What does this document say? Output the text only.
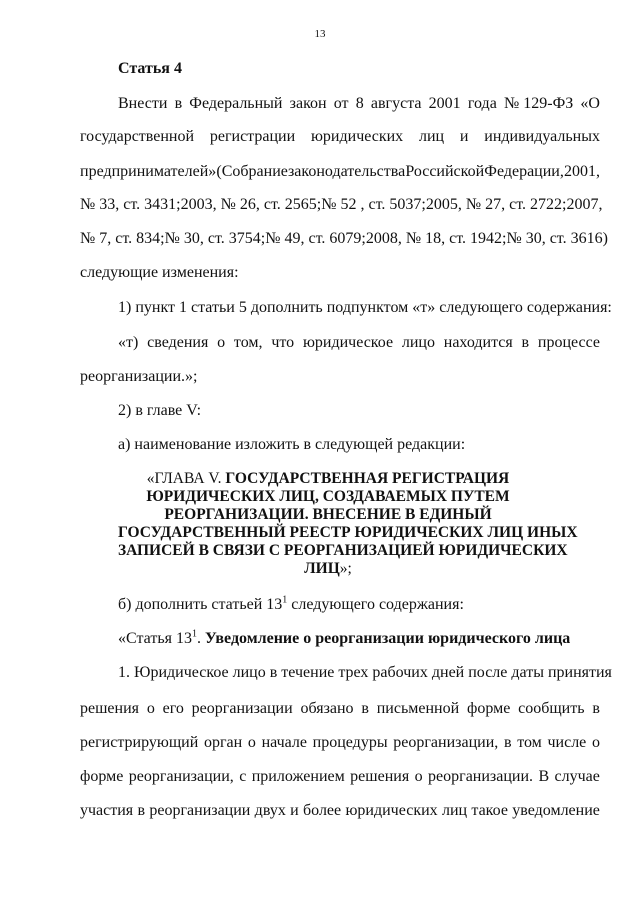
13
Статья 4
Внести в Федеральный закон от 8 августа 2001 года № 129-ФЗ «О
государственной регистрации юридических лиц и индивидуальных
предпринимателей» (Собрание законодательства Российской Федерации, 2001,
№ 33, ст. 3431; 2003, № 26, ст. 2565; № 52 , ст. 5037; 2005, № 27, ст. 2722; 2007,
№ 7, ст. 834; № 30, ст. 3754; № 49, ст. 6079; 2008, № 18, ст. 1942; № 30, ст. 3616)
следующие изменения:
1) пункт 1 статьи 5 дополнить подпунктом «т» следующего содержания:
«т) сведения о том, что юридическое лицо находится в процессе
реорганизации.»;
2) в главе V:
а) наименование изложить в следующей редакции:
«ГЛАВА V. ГОСУДАРСТВЕННАЯ РЕГИСТРАЦИЯ
ЮРИДИЧЕСКИХ ЛИЦ, СОЗДАВАЕМЫХ ПУТЕМ
РЕОРГАНИЗАЦИИ. ВНЕСЕНИЕ В ЕДИНЫЙ
ГОСУДАРСТВЕННЫЙ РЕЕСТР ЮРИДИЧЕСКИХ ЛИЦ ИНЫХ
ЗАПИСЕЙ В СВЯЗИ С РЕОРГАНИЗАЦИЕЙ ЮРИДИЧЕСКИХ
ЛИЦ»;
б) дополнить статьей $13^1$ следующего содержания:
«Статья $13^1$. Уведомление о реорганизации юридического лица
1. Юридическое лицо в течение трех рабочих дней после даты принятия
решения о его реорганизации обязано в письменной форме сообщить в
регистрирующий орган о начале процедуры реорганизации, в том числе о
форме реорганизации, с приложением решения о реорганизации. В случае
участия в реорганизации двух и более юридических лиц такое уведомление
